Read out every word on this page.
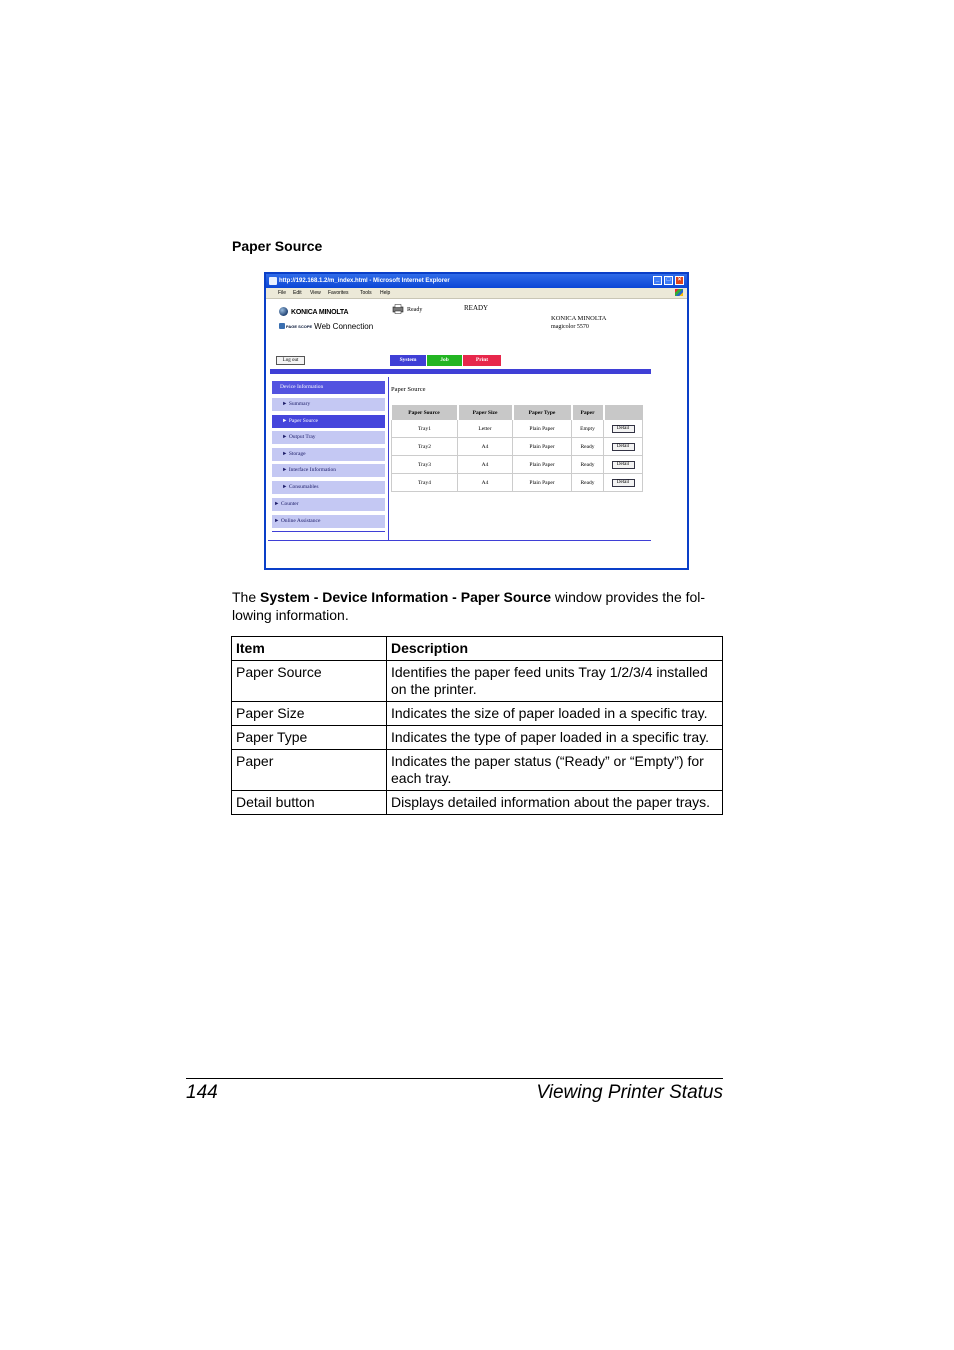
Paper Source
http://192.168.1.2/m_index.html - Microsoft Internet Explorer	_	□	×
File Edit View Favorites Tools Help
KONICA MINOLTA
PAGE SCOPE Web Connection
Ready	READY
KONICA MINOLTA
magicolor 5570
Log out	System	Job	Print
Device Information
► Summary
► Paper Source
► Output Tray
► Storage
► Interface Information
► Consumables
► Counter
► Online Assistance
Paper Source
Paper Source	Paper Size	Paper Type	Paper		
Tray1	Letter	Plain Paper	Empty	Detail	
Tray2	A4	Plain Paper	Ready	Detail	
Tray3	A4	Plain Paper	Ready	Detail	
Tray4	A4	Plain Paper	Ready	Detail	
The System - Device Information - Paper Source window provides the fol-lowing information.
Item	Description
Paper Source	Identifies the paper feed units Tray 1/2/3/4 installed on the printer.
Paper Size	Indicates the size of paper loaded in a specific tray.
Paper Type	Indicates the type of paper loaded in a specific tray.
Paper	Indicates the paper status (“Ready” or “Empty”) for each tray.
Detail button	Displays detailed information about the paper trays.
144	Viewing Printer Status
